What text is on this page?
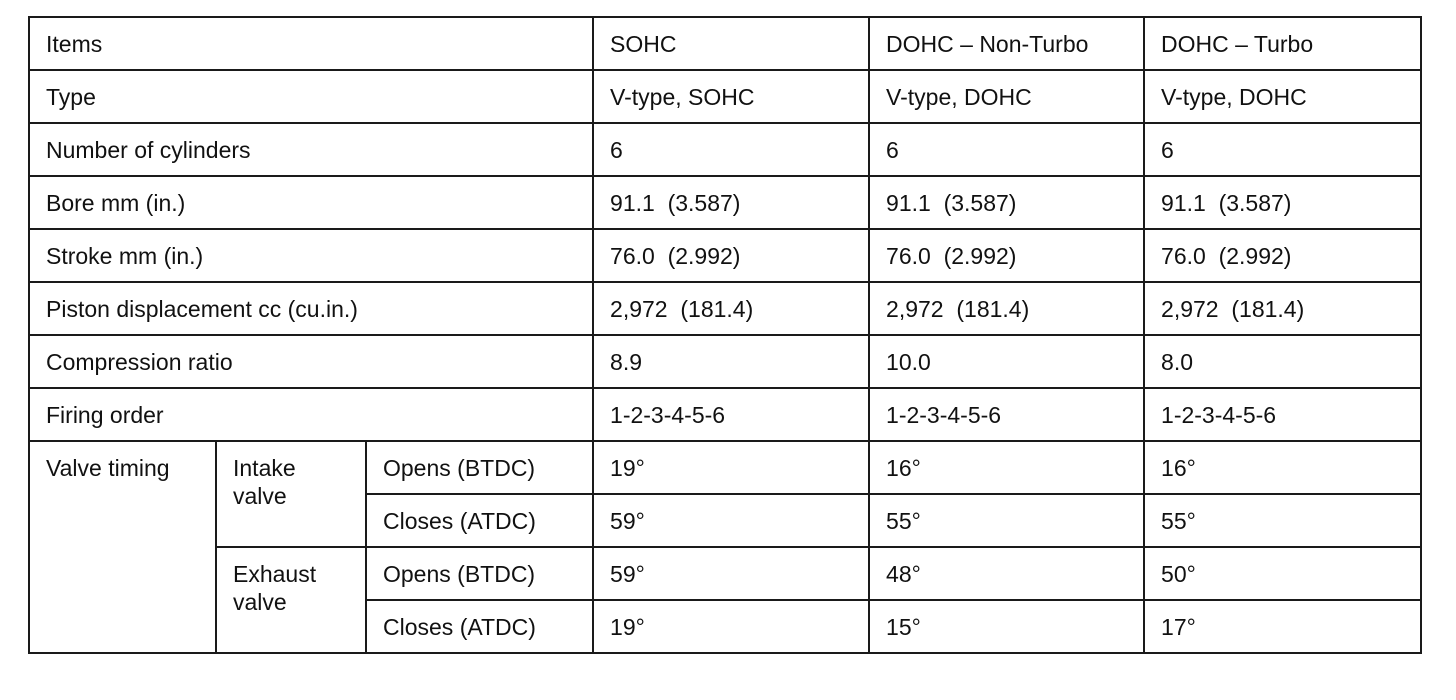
Items			SOHC	DOHC – Non-Turbo	DOHC – Turbo
Type			V-type, SOHC	V-type, DOHC	V-type, DOHC
Number of cylinders			6	6	6
Bore mm (in.)			91.1  (3.587)	91.1  (3.587)	91.1  (3.587)
Stroke mm (in.)			76.0  (2.992)	76.0  (2.992)	76.0  (2.992)
Piston displacement cc (cu.in.)			2,972  (181.4)	2,972  (181.4)	2,972  (181.4)
Compression ratio			8.9	10.0	8.0
Firing order			1-2-3-4-5-6	1-2-3-4-5-6	1-2-3-4-5-6
Valve timing	Intake valve	Opens (BTDC)	19°	16°	16°
		Closes (ATDC)	59°	55°	55°
	Exhaust valve	Opens (BTDC)	59°	48°	50°
		Closes (ATDC)	19°	15°	17°
